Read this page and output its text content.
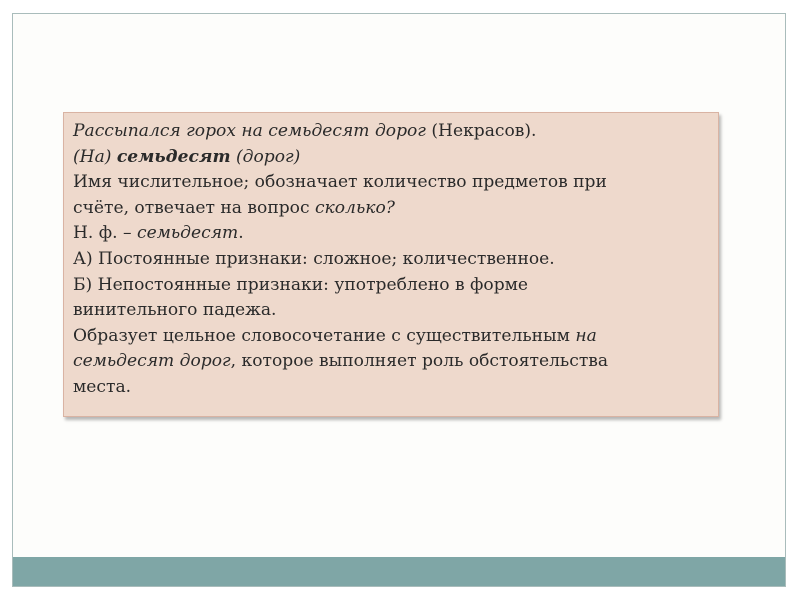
Рассыпался горох на семьдесят дорог (Некрасов).
(На) семьдесят (дорог)
Имя числительное; обозначает количество предметов при
счёте, отвечает на вопрос сколько?
Н. ф. – семьдесят.
А) Постоянные признаки: сложное; количественное.
Б) Непостоянные признаки: употреблено в форме
винительного падежа.
Образует цельное словосочетание с существительным на
семьдесят дорог, которое выполняет роль обстоятельства
места.
